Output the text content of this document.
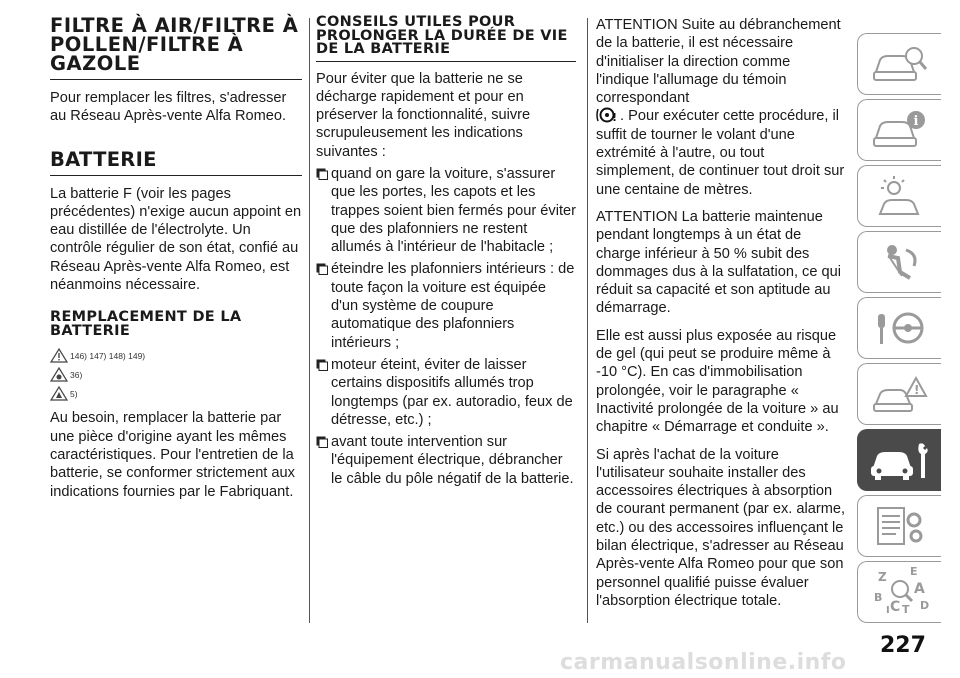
FILTRE À AIR/FILTRE À POLLEN/FILTRE À GAZOLE

Pour remplacer les filtres, s'adresser au Réseau Après-vente Alfa Romeo.

BATTERIE

La batterie F (voir les pages précédentes) n'exige aucun appoint en eau distillée de l'électrolyte. Un contrôle régulier de son état, confié au Réseau Après-vente Alfa Romeo, est néanmoins nécessaire.

REMPLACEMENT DE LA BATTERIE
146) 147) 148) 149)
36)
5)

Au besoin, remplacer la batterie par une pièce d'origine ayant les mêmes caractéristiques. Pour l'entretien de la batterie, se conformer strictement aux indications fournies par le Fabriquant.

CONSEILS UTILES POUR PROLONGER LA DURÉE DE VIE DE LA BATTERIE

Pour éviter que la batterie ne se décharge rapidement et pour en préserver la fonctionnalité, suivre scrupuleusement les indications suivantes :

quand on gare la voiture, s'assurer que les portes, les capots et les trappes soient bien fermés pour éviter que des plafonniers ne restent allumés à l'intérieur de l'habitacle ;
éteindre les plafonniers intérieurs : de toute façon la voiture est équipée d'un système de coupure automatique des plafonniers intérieurs ;
moteur éteint, éviter de laisser certains dispositifs allumés trop longtemps (par ex. autoradio, feux de détresse, etc.) ;
avant toute intervention sur l'équipement électrique, débrancher le câble du pôle négatif de la batterie.

ATTENTION Suite au débranchement de la batterie, il est nécessaire d'initialiser la direction comme l'indique l'allumage du témoin correspondant

! . Pour exécuter cette procédure, il suffit de tourner le volant d'une extrémité à l'autre, ou tout simplement, de continuer tout droit sur une centaine de mètres.

ATTENTION La batterie maintenue pendant longtemps à un état de charge inférieur à 50 % subit des dommages dus à la sulfatation, ce qui réduit sa capacité et son aptitude au démarrage.

Elle est aussi plus exposée au risque de gel (qui peut se produire même à -10 °C). En cas d'immobilisation prolongée, voir le paragraphe « Inactivité prolongée de la voiture » au chapitre « Démarrage et conduite ».

Si après l'achat de la voiture l'utilisateur souhaite installer des accessoires électriques à absorption de courant permanent (par ex. alarme, etc.) ou des accessoires influençant le bilan électrique, s'adresser au Réseau Après-vente Alfa Romeo pour que son personnel qualifié puisse évaluer l'absorption électrique totale.

i
!
Z E
A
B
C T D
I
227
carmanualsonline.info
